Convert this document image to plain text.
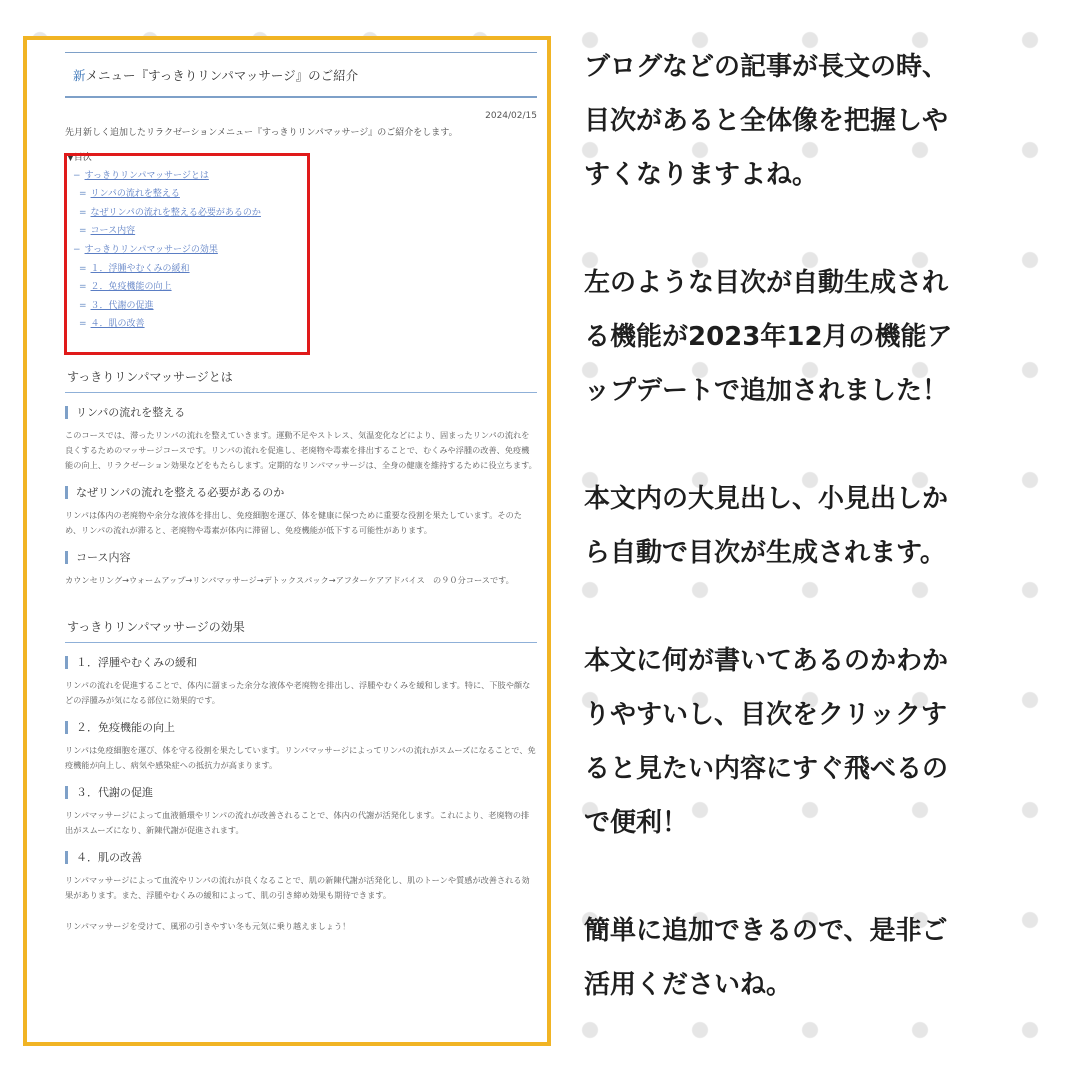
新メニュー『すっきりリンパマッサージ』のご紹介
2024/02/15
先月新しく追加したリラクゼーションメニュー『すっきりリンパマッサージ』のご紹介をします。
▼目次
− すっきりリンパマッサージとは
= リンパの流れを整える
= なぜリンパの流れを整える必要があるのか
= コース内容
− すっきりリンパマッサージの効果
= １．浮腫やむくみの緩和
= ２．免疫機能の向上
= ３．代謝の促進
= ４．肌の改善
すっきりリンパマッサージとは
リンパの流れを整える
このコースでは、滞ったリンパの流れを整えていきます。運動不足やストレス、気温変化などにより、固まったリンパの流れを良くするためのマッサージコースです。リンパの流れを促進し、老廃物や毒素を排出することで、むくみや浮腫の改善、免疫機能の向上、リラクゼーション効果などをもたらします。定期的なリンパマッサージは、全身の健康を維持するために役立ちます。
なぜリンパの流れを整える必要があるのか
リンパは体内の老廃物や余分な液体を排出し、免疫細胞を運び、体を健康に保つために重要な役割を果たしています。そのため、リンパの流れが滞ると、老廃物や毒素が体内に滞留し、免疫機能が低下する可能性があります。
コース内容
カウンセリング→ウォームアップ→リンパマッサージ→デトックスパック→アフターケアアドバイス　の９０分コースです。
すっきりリンパマッサージの効果
１．浮腫やむくみの緩和
リンパの流れを促進することで、体内に溜まった余分な液体や老廃物を排出し、浮腫やむくみを緩和します。特に、下肢や顔などの浮腫みが気になる部位に効果的です。
２．免疫機能の向上
リンパは免疫細胞を運び、体を守る役割を果たしています。リンパマッサージによってリンパの流れがスムーズになることで、免疫機能が向上し、病気や感染症への抵抗力が高まります。
３．代謝の促進
リンパマッサージによって血液循環やリンパの流れが改善されることで、体内の代謝が活発化します。これにより、老廃物の排出がスムーズになり、新陳代謝が促進されます。
４．肌の改善
リンパマッサージによって血流やリンパの流れが良くなることで、肌の新陳代謝が活発化し、肌のトーンや質感が改善される効果があります。また、浮腫やむくみの緩和によって、肌の引き締め効果も期待できます。
リンパマッサージを受けて、風邪の引きやすい冬も元気に乗り越えましょう！

ブログなどの記事が長文の時、
目次があると全体像を把握しや
すくなりますよね。

左のような目次が自動生成され
る機能が2023年12月の機能ア
ップデートで追加されました！

本文内の大見出し、小見出しか
ら自動で目次が生成されます。

本文に何が書いてあるのかわか
りやすいし、目次をクリックす
ると見たい内容にすぐ飛べるの
で便利！

簡単に追加できるので、是非ご
活用くださいね。
